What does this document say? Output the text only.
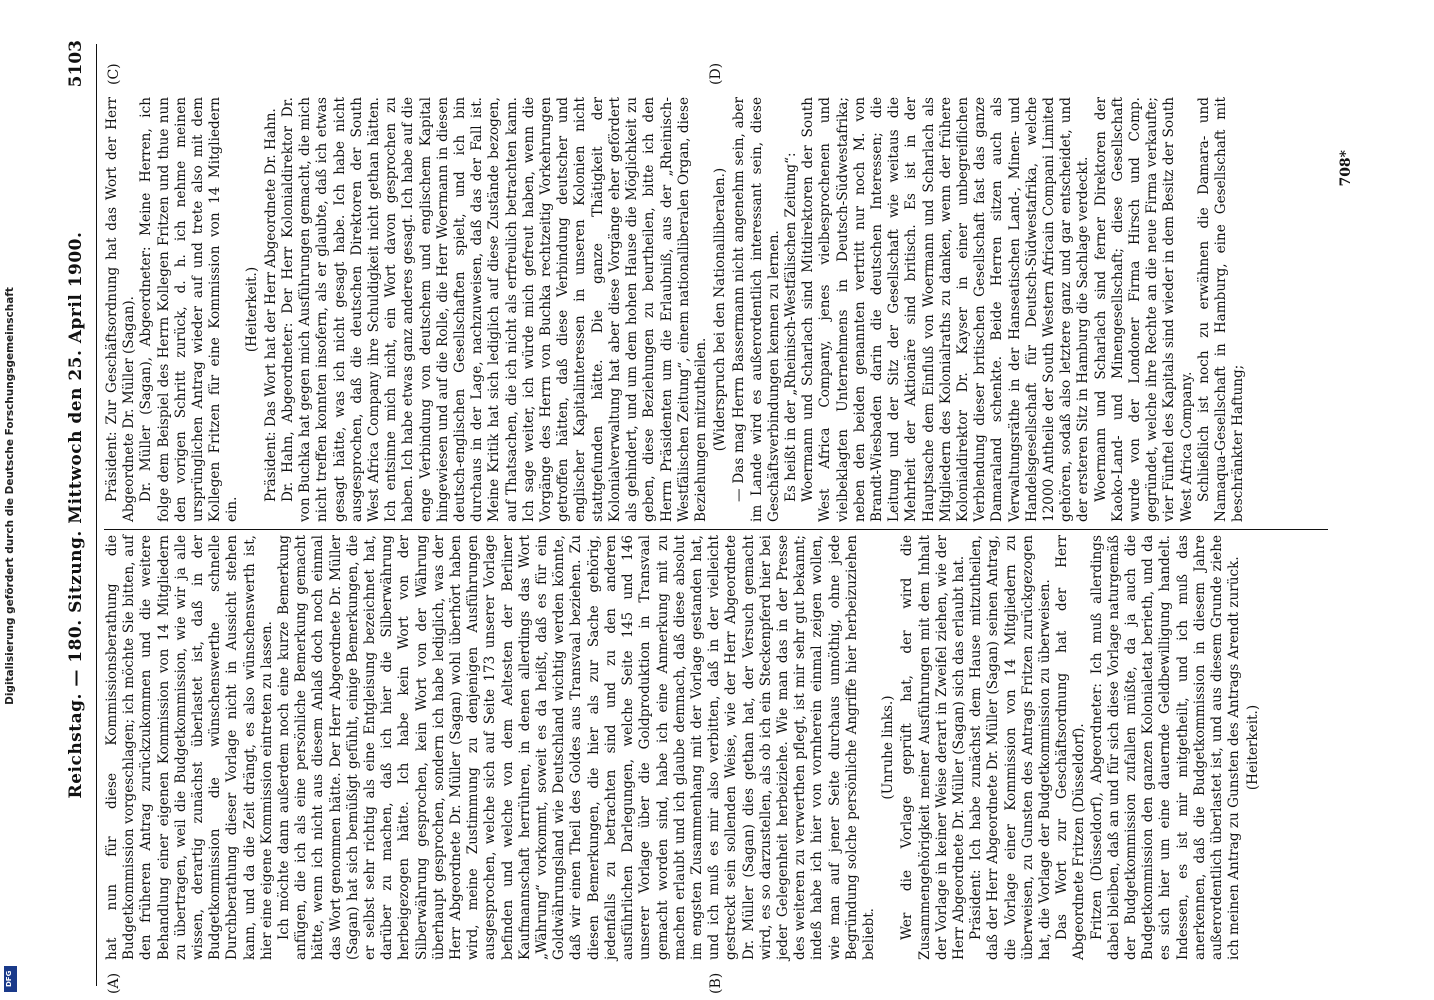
Digitalisierung gefördert durch die Deutsche Forschungsgemeinschaft
DFG
Reichstag. — 180. Sitzung. Mittwoch den 25. April 1900.
5103
(A)	(B)
(C)	(D)

hat nun für diese Kommissionsberathung die Budgetkommission vorgeschlagen; ich möchte Sie bitten, auf den früheren Antrag zurückzukommen und die weitere Behandlung einer eigenen Kommission von 14 Mitgliedern zu übertragen, weil die Budgetkommission, wie wir ja alle wissen, derartig zunächst überlastet ist, daß in der Budgetkommission die wünschenswerthe schnelle Durchberathung dieser Vorlage nicht in Aussicht stehen kann, und da die Zeit drängt, es also wünschenswerth ist, hier eine eigene Kommission eintreten zu lassen. Ich möchte dann außerdem noch eine kurze Bemerkung anfügen, die ich als eine persönliche Bemerkung gemacht hätte, wenn ich nicht aus diesem Anlaß doch noch einmal das Wort genommen hätte. Der Herr Abgeordnete Dr. Müller (Sagan) hat sich bemüßigt gefühlt, einige Bemerkungen, die er selbst sehr richtig als eine Entgleisung bezeichnet hat, darüber zu machen, daß ich hier die Silberwährung herbeigezogen hätte. Ich habe kein Wort von der Silberwährung gesprochen, kein Wort von der Währung überhaupt gesprochen, sondern ich habe lediglich, was der Herr Abgeordnete Dr. Müller (Sagan) wohl überhört haben wird, meine Zustimmung zu denjenigen Ausführungen ausgesprochen, welche sich auf Seite 173 unserer Vorlage befinden und welche von dem Aeltesten der Berliner Kaufmannschaft herrühren, in denen allerdings das Wort „Währung“ vorkommt, soweit es da heißt, daß es für ein Goldwährungsland wie Deutschland wichtig werden könnte, daß wir einen Theil des Goldes aus Transvaal beziehen. Zu diesen Bemerkungen, die hier als zur Sache gehörig, jedenfalls zu betrachten sind und zu den anderen ausführlichen Darlegungen, welche Seite 145 und 146 unserer Vorlage über die Goldproduktion in Transvaal gemacht worden sind, habe ich eine Anmerkung mit zu machen erlaubt und ich glaube demnach, daß diese absolut im engsten Zusammenhang mit der Vorlage gestanden hat, und ich muß es mir also verbitten, daß in der vielleicht gestreckt sein sollenden Weise, wie der Herr Abgeordnete Dr. Müller (Sagan) dies gethan hat, der Versuch gemacht wird, es so darzustellen, als ob ich ein Steckenpferd hier bei jeder Gelegenheit herbeiziehe. Wie man das in der Presse des weiteren zu verwerthen pflegt, ist mir sehr gut bekannt; indeß habe ich hier von vornherein einmal zeigen wollen, wie man auf jener Seite durchaus unnöthig, ohne jede Begründung solche persönliche Angriffe hier herbeizuziehen beliebt.

(Unruhe links.) Wer die Vorlage geprüft hat, der wird die Zusammengehörigkeit meiner Ausführungen mit dem Inhalt der Vorlage in keiner Weise derart in Zweifel ziehen, wie der Herr Abgeordnete Dr. Müller (Sagan) sich das erlaubt hat. Präsident: Ich habe zunächst dem Hause mitzutheilen, daß der Herr Abgeordnete Dr. Müller (Sagan) seinen Antrag, die Vorlage einer Kommission von 14 Mitgliedern zu überweisen, zu Gunsten des Antrags Fritzen zurückgezogen hat, die Vorlage der Budgetkommission zu überweisen. Das Wort zur Geschäftsordnung hat der Herr Abgeordnete Fritzen (Düsseldorf). Fritzen (Düsseldorf), Abgeordneter: Ich muß allerdings dabei bleiben, daß an und für sich diese Vorlage naturgemäß der Budgetkommission zufallen müßte, da ja auch die Budgetkommission den ganzen Kolonialetat berieth, und da es sich hier um eine dauernde Geldbewilligung handelt. Indessen, es ist mir mitgetheilt, und ich muß das anerkennen, daß die Budgetkommission in diesem Jahre außerordentlich überlastet ist, und aus diesem Grunde ziehe ich meinen Antrag zu Gunsten des Antrags Arendt zurück. (Heiterkeit.)

Präsident: Zur Geschäftsordnung hat das Wort der Herr Abgeordnete Dr. Müller (Sagan). Dr. Müller (Sagan), Abgeordneter: Meine Herren, ich folge dem Beispiel des Herrn Kollegen Fritzen und thue nun den vorigen Schritt zurück, d. h. ich nehme meinen ursprünglichen Antrag wieder auf und trete also mit dem Kollegen Fritzen für eine Kommission von 14 Mitgliedern ein.

(Heiterkeit.) Präsident: Das Wort hat der Herr Abgeordnete Dr. Hahn. Dr. Hahn, Abgeordneter: Der Herr Kolonialdirektor Dr. von Buchka hat gegen mich Ausführungen gemacht, die mich nicht treffen konnten insofern, als er glaubte, daß ich etwas gesagt hätte, was ich nicht gesagt habe. Ich habe nicht ausgesprochen, daß die deutschen Direktoren der South West Africa Company ihre Schuldigkeit nicht gethan hätten. Ich entsinne mich nicht, ein Wort davon gesprochen zu haben. Ich habe etwas ganz anderes gesagt. Ich habe auf die enge Verbindung von deutschem und englischem Kapital hingewiesen und auf die Rolle, die Herr Woermann in diesen deutsch-englischen Gesellschaften spielt, und ich bin durchaus in der Lage, nachzuweisen, daß das der Fall ist. Meine Kritik hat sich lediglich auf diese Zustände bezogen, auf Thatsachen, die ich nicht als erfreulich betrachten kann. Ich sage weiter, ich würde mich gefreut haben, wenn die Vorgänge des Herrn von Buchka rechtzeitig Vorkehrungen getroffen hätten, daß diese Verbindung deutscher und englischer Kapitalinteressen in unseren Kolonien nicht stattgefunden hätte. Die ganze Thätigkeit der Kolonialverwaltung hat aber diese Vorgänge eher gefördert als gehindert, und um dem hohen Hause die Möglichkeit zu geben, diese Beziehungen zu beurtheilen, bitte ich den Herrn Präsidenten um die Erlaubniß, aus der „Rheinisch-Westfälischen Zeitung“, einem nationalliberalen Organ, diese Beziehungen mitzutheilen. (Widerspruch bei den Nationalliberalen.) — Das mag Herrn Bassermann nicht angenehm sein, aber im Lande wird es außerordentlich interessant sein, diese Geschäftsverbindungen kennen zu lernen. Es heißt in der „Rheinisch-Westfälischen Zeitung“: Woermann und Scharlach sind Mitdirektoren der South West Africa Company, jenes vielbesprochenen und vielbeklagten Unternehmens in Deutsch-Südwestafrika; neben den beiden genannten vertritt nur noch M. von Brandt-Wiesbaden darin die deutschen Interessen; die Leitung und der Sitz der Gesellschaft wie weitaus die Mehrheit der Aktionäre sind britisch. Es ist in der Hauptsache dem Einfluß von Woermann und Scharlach als Mitgliedern des Kolonialraths zu danken, wenn der frühere Kolonialdirektor Dr. Kayser in einer unbegreiflichen Verblendung dieser britischen Gesellschaft fast das ganze Damaraland schenkte. Beide Herren sitzen auch als Verwaltungsräthe in der Hanseatischen Land-, Minen- und Handelsgesellschaft für Deutsch-Südwestafrika, welche 12000 Antheile der South Western Africain Compani Limited gehören, sodaß also letztere ganz und gar entscheidet, und der ersteren Sitz in Hamburg die Sachlage verdeckt. Woermann und Scharlach sind ferner Direktoren der Kaoko-Land- und Minengesellschaft; diese Gesellschaft wurde von der Londoner Firma Hirsch und Comp. gegründet, welche ihre Rechte an die neue Firma verkaufte; vier Fünftel des Kapitals sind wieder in dem Besitz der South West Africa Company. Schließlich ist noch zu erwähnen die Damara- und Namaqua-Gesellschaft in Hamburg, eine Gesellschaft mit beschränkter Haftung;

708*
